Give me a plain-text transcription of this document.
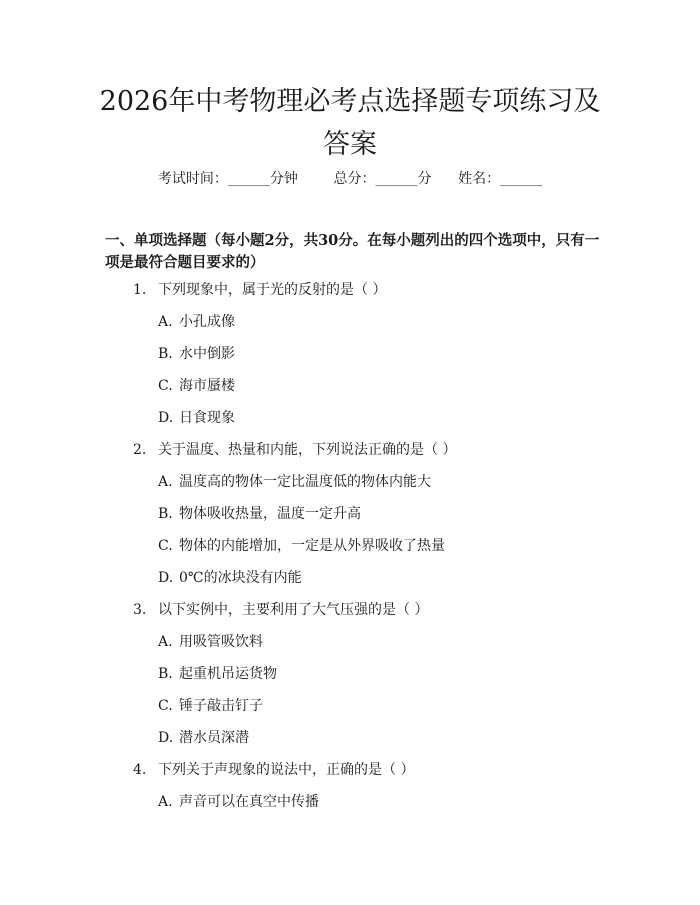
2026年中考物理必考点选择题专项练习及答案
考试时间：______分钟	总分：______分 姓名：______

一、单项选择题（每小题2分，共30分。在每小题列出的四个选项中，只有一项是最符合题目要求的）

1. 下列现象中，属于光的反射的是（ ）
A. 小孔成像
B. 水中倒影
C. 海市蜃楼
D. 日食现象
2. 关于温度、热量和内能，下列说法正确的是（ ）
A. 温度高的物体一定比温度低的物体内能大
B. 物体吸收热量，温度一定升高
C. 物体的内能增加，一定是从外界吸收了热量
D. 0℃的冰块没有内能
3. 以下实例中，主要利用了大气压强的是（ ）
A. 用吸管吸饮料
B. 起重机吊运货物
C. 锤子敲击钉子
D. 潜水员深潜
4. 下列关于声现象的说法中，正确的是（ ）
A. 声音可以在真空中传播
